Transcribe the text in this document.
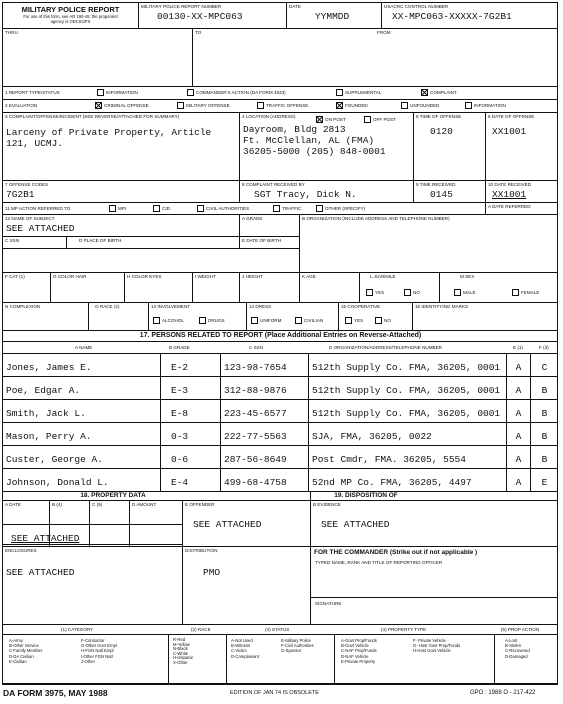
MILITARY POLICE REPORT
For use of this form, see AR 190-45; the proponent agency is ODCSOPS
MILITARY POLICE REPORT NUMBER
00130-XX-MPC063
DATE
YYMMDD
USACRC CONTROL NUMBER
XX-MPC063-XXXXX-7G2B1
THRU	TO	FROM
1 REPORT TYPE/STATUS	INFORMATION	COMMANDER'S ACTION (DA FORM 4833)	SUPPLEMENTAL	COMPLAINT
2 EVALUATION	CRIMINAL OFFENSE	MILITARY OFFENSE	TRAFFIC OFFENSE	FOUNDED	UNFOUNDED	INFORMATION
3 COMPLAINT/OFFENSE/INCIDENT (SEE REVERSE/ATTACHED FOR SUMMARY)
Larceny of Private Property, Article
121, UCMJ.
4 LOCATION (ADDRESS)
ON POST	OFF POST
Dayroom, Bldg 2813
Ft. McClellan, AL (FMA)
36205-5000 (205) 848-0001
5 TIME OF OFFENSE
0120
6 DATE OF OFFENSE
XX1001
7 OFFENSE CODES
7G2B1
8 COMPLAINT RECEIVED BY
SGT Tracy, Dick N.
9 TIME RECEIVED
0145
10 DATE RECEIVED
XX1001
11 MP ACTION REFERRED TO	MPI	CID	CIVIL AUTHORITIES	TRAFFIC	OTHER (SPECIFY)	A DATE REFERRED
12 NAME OF SUBJECT
SEE ATTACHED
A GRADE	B ORGANIZATION (INCLUDE ADDRESS AND TELEPHONE NUMBER)
C SSN	D PLACE OF BIRTH	E DATE OF BIRTH
F CAT (1)	G COLOR HAIR	H COLOR EYES	I WEIGHT	J HEIGHT	K AGE	L JUVENILE
YES	NO
M SEX
MALE	FEMALE
N COMPLEXION	O RACE (2)	13 INVOLVEMENT
ALCOHOL	DRUGS
14 DRESS
UNIFORM	CIVILIAN
15 COOPERATIVE
YES	NO
16 IDENTIFYING MARKS
17. PERSONS RELATED TO REPORT (Place Additional Entries on Reverse-Attached)
A NAME	B GRADE	C SSN	D ORGANIZATION/ADDRESS/TELEPHONE NUMBER	E (1)	F (3)
Jones, James E.	E-2	123-98-7654	512th Supply Co. FMA, 36205, 0001	A	C
Poe, Edgar A.	E-3	312-88-9876	512th Supply Co. FMA, 36205, 0001	A	B
Smith, Jack L.	E-8	223-45-6577	512th Supply Co. FMA, 36205, 0001	A	B
Mason, Perry A.	0-3	222-77-5563	SJA, FMA, 36205, 0022	A	B
Custer, George A.	0-6	287-56-8649	Post Cmdr, FMA. 36205, 5554	A	B
Johnson, Donald L.	E-4	499-68-4758	52nd MP Co. FMA, 36205, 4497	A	E
18. PROPERTY DATA	19. DISPOSITION OF
A DATE	B (4)	C (5)	D AMOUNT	E OFFENDER
SEE ATTACHED
B EVIDENCE
SEE ATTACHED
SEE ATTACHED
ENCLOSURES
SEE ATTACHED
DISTRIBUTION
PMO
FOR THE COMMANDER (Strike out if not applicable )
TYPED NAME, RANK AND TITLE OF REPORTING OFFICER
SIGNATURE
(1) CATEGORY	(2) RACE	(3) STATUS	(4) PROPERTY TYPE	(5) PROP ACTION
A-Army
B-Other Service
C-Family Member
D-DA Civilian
E-Civilian
F-Contractor
G-Other Govt Empl
H-FGN Natl Empl
I-Other FGN Natl
J-Other
R-Red
M-Yellow
N-Black
C-White
H-Hispanic
X-Other
A-Not Used
B-Witness
C-Victim
D-Complainant
E-Military Police
F-Civil Authorities
G-Sponsor
A-Govt Prop/Funds
B-Govt Vehicle
C-NAF Prop/Funds
D-NAF Vehicle
E-Private Property
F- Private Vehicle
G- Host Govt Prop/Funds
H-Host Govt Vehicle
A-Lost
B-Stolen
C-Recovered
D-Damaged
DA FORM 3975, MAY 1988	EDITION OF JAN 74 IS OBSOLETE	GPO : 1988 O - 217-422
